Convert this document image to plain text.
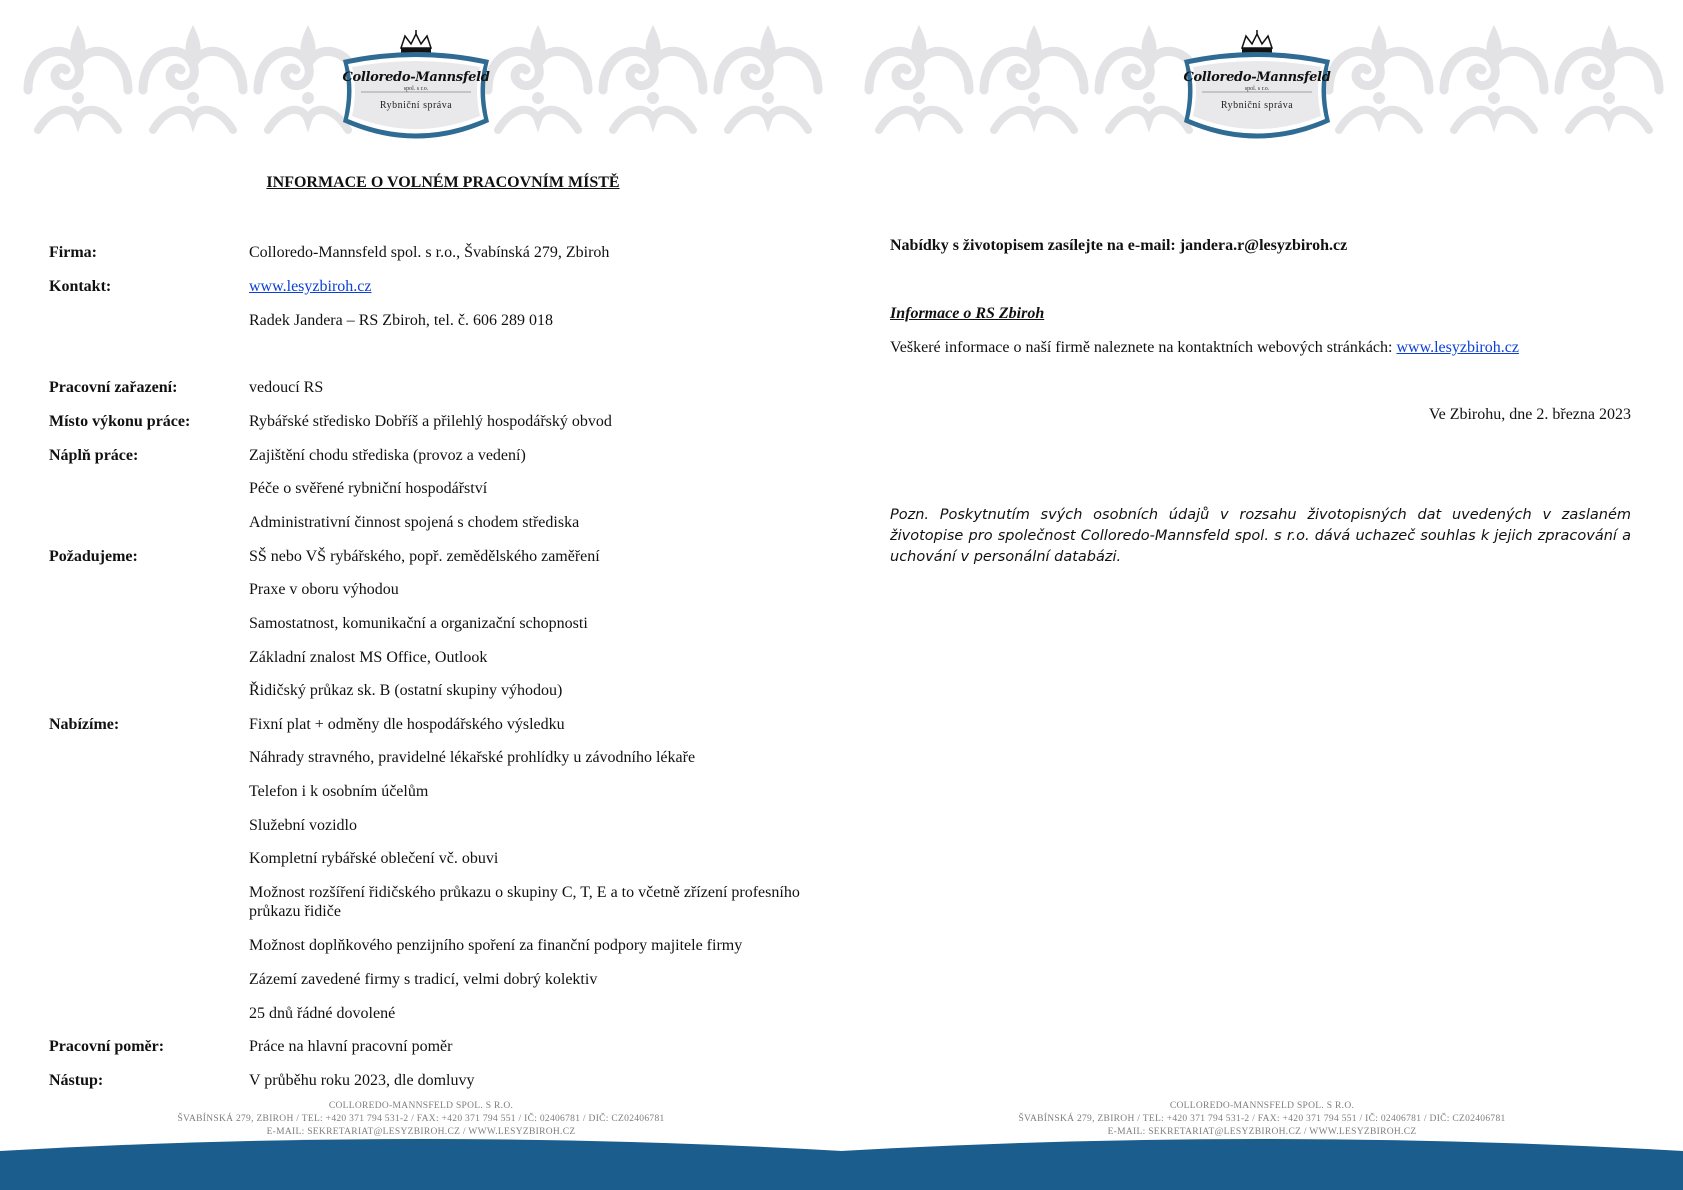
Colloredo-Mannsfeld
spol. s r.o.
Rybniční správa
INFORMACE O VOLNÉM PRACOVNÍM MÍSTĚ
Firma:	Colloredo-Mannsfeld spol. s r.o., Švabínská 279, Zbiroh
Kontakt:	www.lesyzbiroh.cz
Radek Jandera – RS Zbiroh, tel. č. 606 289 018
Pracovní zařazení:	vedoucí RS
Místo výkonu práce:	Rybářské středisko Dobříš a přilehlý hospodářský obvod
Náplň práce:	Zajištění chodu střediska (provoz a vedení)
Péče o svěřené rybniční hospodářství
Administrativní činnost spojená s chodem střediska
Požadujeme:	SŠ nebo VŠ rybářského, popř. zemědělského zaměření
Praxe v oboru výhodou
Samostatnost, komunikační a organizační schopnosti
Základní znalost MS Office, Outlook
Řidičský průkaz sk. B (ostatní skupiny výhodou)
Nabízíme:	Fixní plat + odměny dle hospodářského výsledku
Náhrady stravného, pravidelné lékařské prohlídky u závodního lékaře
Telefon i k osobním účelům
Služební vozidlo
Kompletní rybářské oblečení vč. obuvi
Možnost rozšíření řidičského průkazu o skupiny C, T, E a to včetně zřízení profesního průkazu řidiče
Možnost doplňkového penzijního spoření za finanční podpory majitele firmy
Zázemí zavedené firmy s tradicí, velmi dobrý kolektiv
25 dnů řádné dovolené
Pracovní poměr:	Práce na hlavní pracovní poměr
Nástup:	V průběhu roku 2023, dle domluvy
COLLOREDO-MANNSFELD SPOL. S R.O.
ŠVABÍNSKÁ 279, ZBIROH / TEL: +420 371 794 531-2 / FAX: +420 371 794 551 / IČ: 02406781 / DIČ: CZ02406781
E-MAIL: SEKRETARIAT@LESYZBIROH.CZ / WWW.LESYZBIROH.CZ
Colloredo-Mannsfeld
spol. s r.o.
Rybniční správa
Nabídky s životopisem zasílejte na e-mail: jandera.r@lesyzbiroh.cz
Informace o RS Zbiroh
Veškeré informace o naší firmě naleznete na kontaktních webových stránkách: www.lesyzbiroh.cz
Ve Zbirohu, dne 2. března 2023
Pozn. Poskytnutím svých osobních údajů v rozsahu životopisných dat uvedených v zaslaném životopise pro společnost Colloredo-Mannsfeld spol. s r.o. dává uchazeč souhlas k jejich zpracování a uchování v personální databázi.
COLLOREDO-MANNSFELD SPOL. S R.O.
ŠVABÍNSKÁ 279, ZBIROH / TEL: +420 371 794 531-2 / FAX: +420 371 794 551 / IČ: 02406781 / DIČ: CZ02406781
E-MAIL: SEKRETARIAT@LESYZBIROH.CZ / WWW.LESYZBIROH.CZ
